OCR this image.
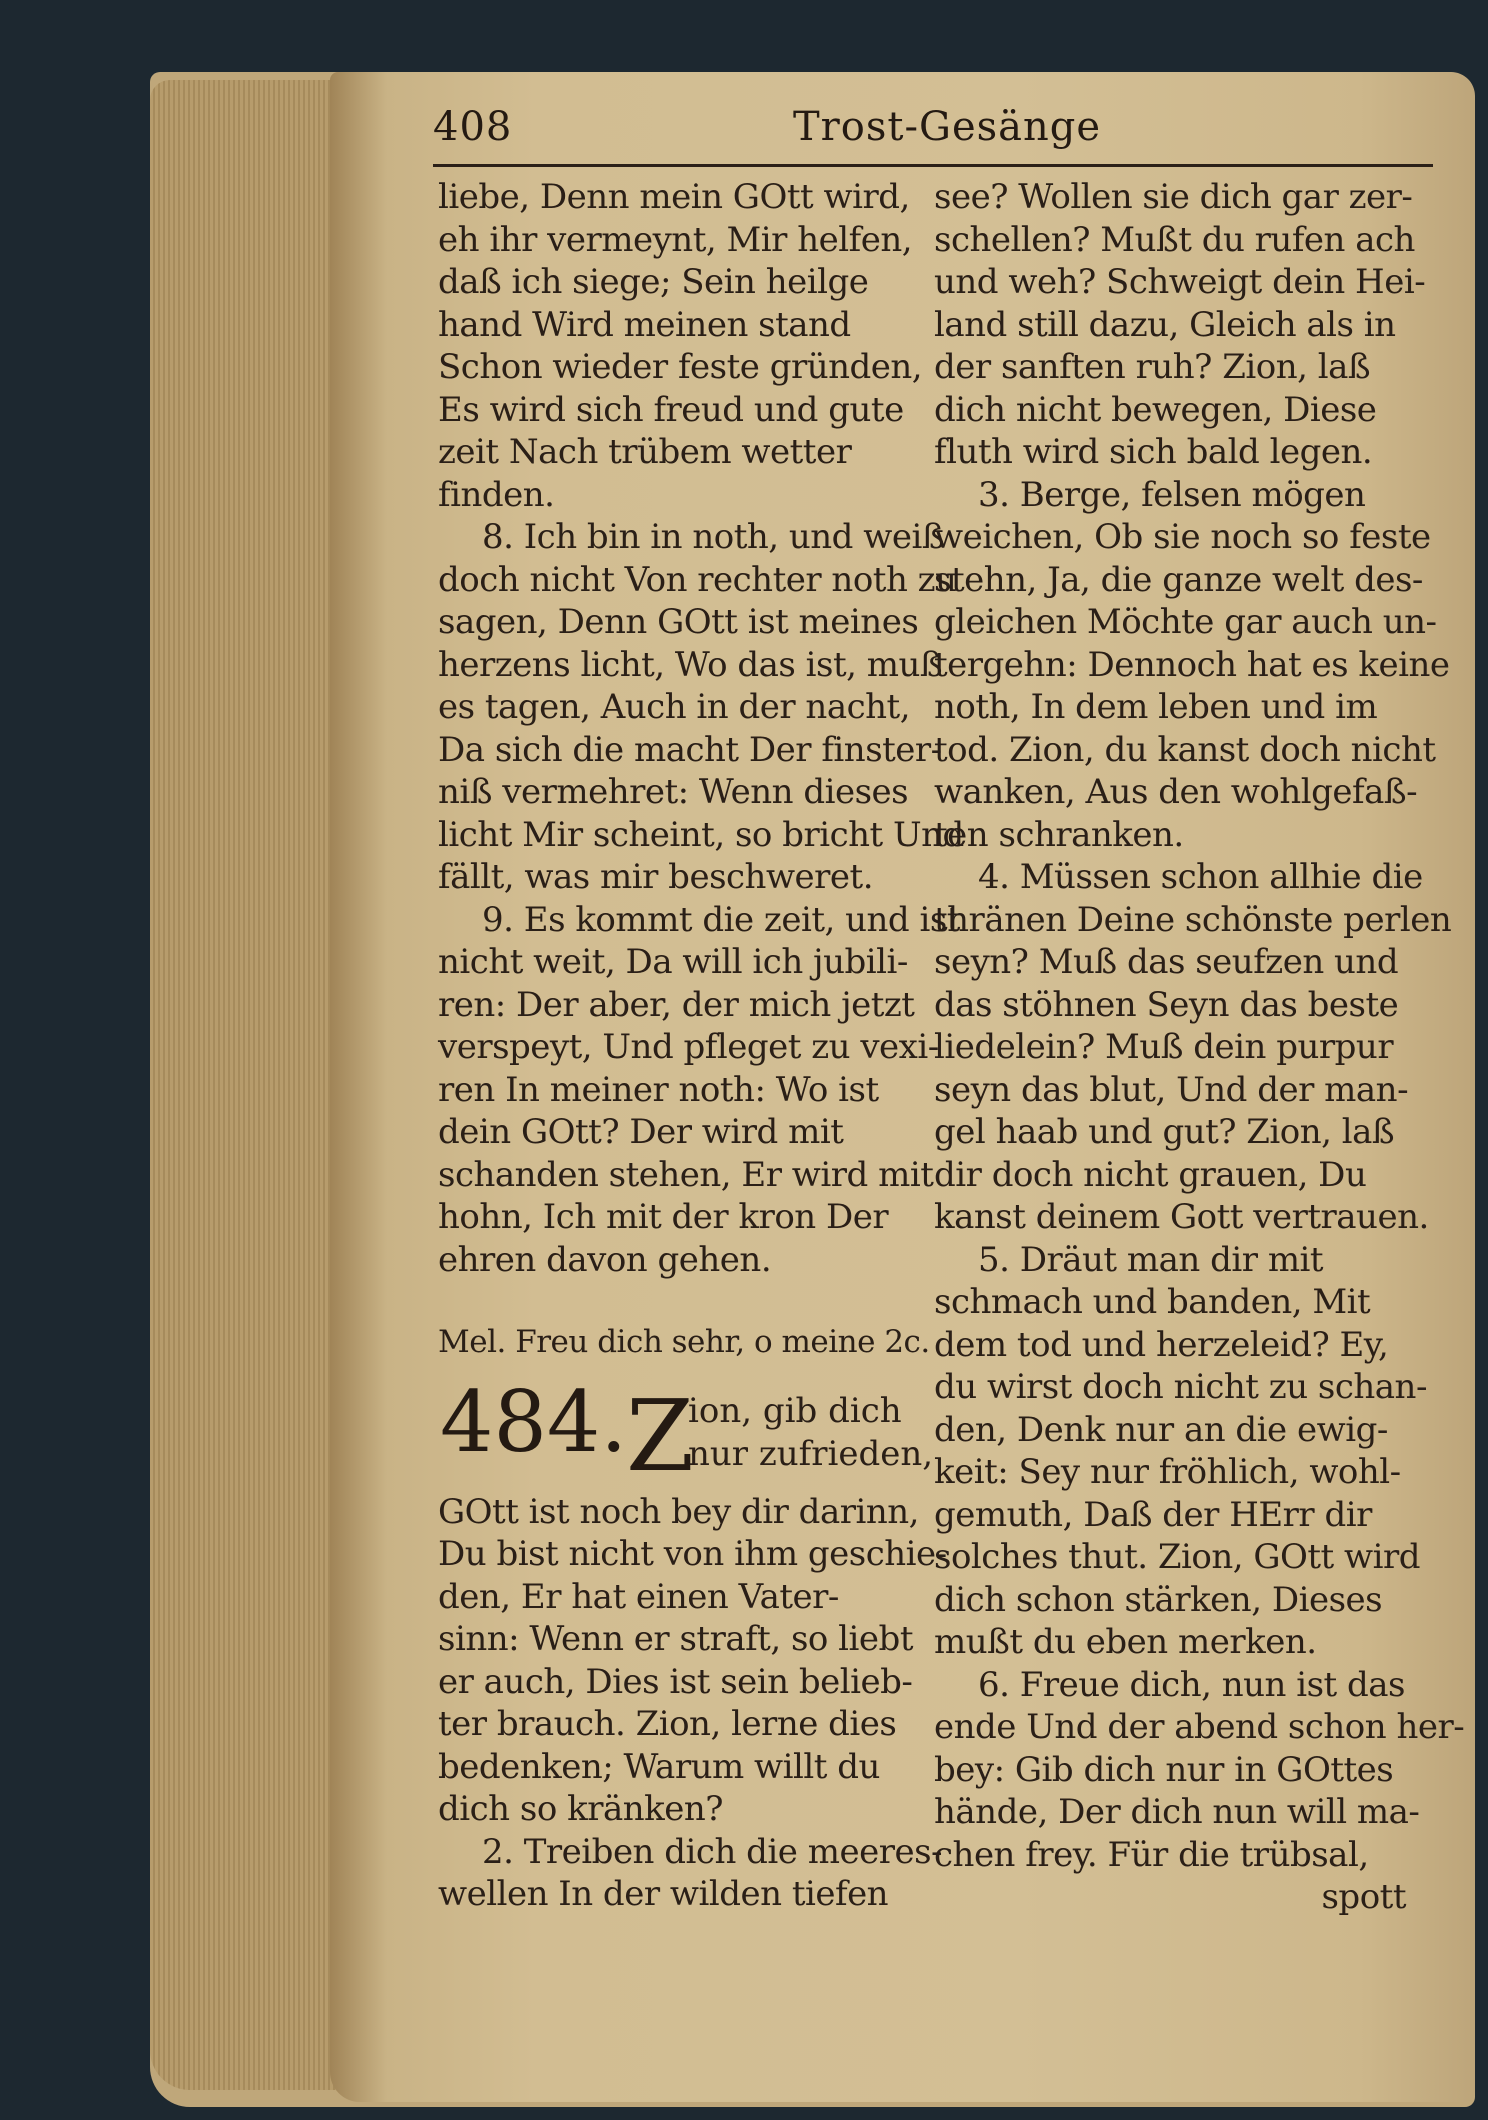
408	Trost-Gesänge
liebe, Denn mein GOtt wird,
eh ihr vermeynt, Mir helfen,
daß ich siege; Sein heilge
hand Wird meinen stand
Schon wieder feste gründen,
Es wird sich freud und gute
zeit Nach trübem wetter
finden.
8. Ich bin in noth, und weiß
doch nicht Von rechter noth zu
sagen, Denn GOtt ist meines
herzens licht, Wo das ist, muß
es tagen, Auch in der nacht,
Da sich die macht Der finster-
niß vermehret: Wenn dieses
licht Mir scheint, so bricht Und
fällt, was mir beschweret.
9. Es kommt die zeit, und ist
nicht weit, Da will ich jubili-
ren: Der aber, der mich jetzt
verspeyt, Und pfleget zu vexi-
ren In meiner noth: Wo ist
dein GOtt? Der wird mit
schanden stehen, Er wird mit
hohn, Ich mit der kron Der
ehren davon gehen.
Mel. Freu dich sehr, o meine 2c.
GOtt ist noch bey dir darinn,
Du bist nicht von ihm geschie-
den, Er hat einen Vater-
sinn: Wenn er straft, so liebt
er auch, Dies ist sein belieb-
ter brauch. Zion, lerne dies
bedenken; Warum willt du
dich so kränken?
2. Treiben dich die meeres-
wellen In der wilden tiefen
484.
Z
ion, gib dich
nur zufrieden,
see? Wollen sie dich gar zer-
schellen? Mußt du rufen ach
und weh? Schweigt dein Hei-
land still dazu, Gleich als in
der sanften ruh? Zion, laß
dich nicht bewegen, Diese
fluth wird sich bald legen.
3. Berge, felsen mögen
weichen, Ob sie noch so feste
stehn, Ja, die ganze welt des-
gleichen Möchte gar auch un-
tergehn: Dennoch hat es keine
noth, In dem leben und im
tod. Zion, du kanst doch nicht
wanken, Aus den wohlgefaß-
ten schranken.
4. Müssen schon allhie die
thränen Deine schönste perlen
seyn? Muß das seufzen und
das stöhnen Seyn das beste
liedelein? Muß dein purpur
seyn das blut, Und der man-
gel haab und gut? Zion, laß
dir doch nicht grauen, Du
kanst deinem Gott vertrauen.
5. Dräut man dir mit
schmach und banden, Mit
dem tod und herzeleid? Ey,
du wirst doch nicht zu schan-
den, Denk nur an die ewig-
keit: Sey nur fröhlich, wohl-
gemuth, Daß der HErr dir
solches thut. Zion, GOtt wird
dich schon stärken, Dieses
mußt du eben merken.
6. Freue dich, nun ist das
ende Und der abend schon her-
bey: Gib dich nur in GOttes
hände, Der dich nun will ma-
chen frey. Für die trübsal,
spott
